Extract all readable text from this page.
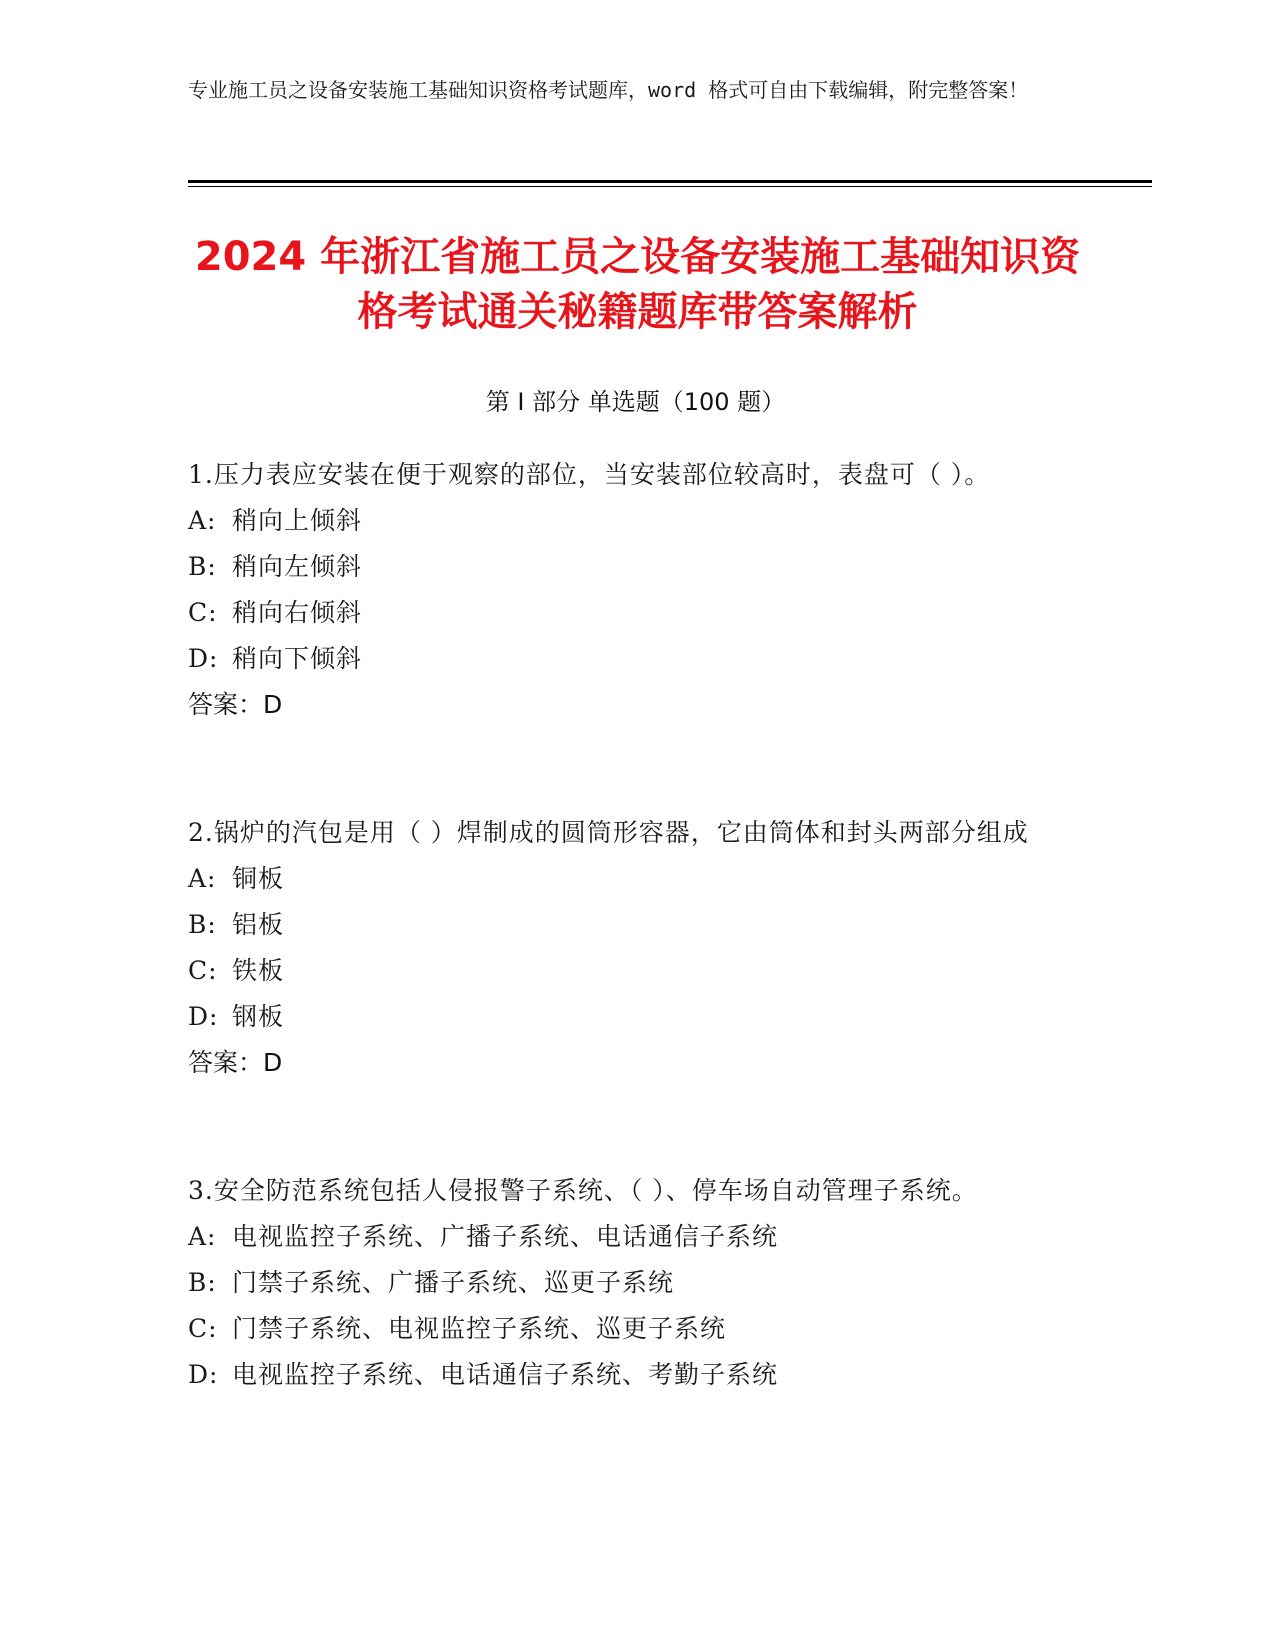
专业施工员之设备安装施工基础知识资格考试题库，word 格式可自由下载编辑，附完整答案！
2024 年浙江省施工员之设备安装施工基础知识资格考试通关秘籍题库带答案解析
第 I 部分 单选题（100 题）
1.压力表应安装在便于观察的部位，当安装部位较高时，表盘可（ ）。
A: 稍向上倾斜
B: 稍向左倾斜
C: 稍向右倾斜
D: 稍向下倾斜
答案：D
2.锅炉的汽包是用（ ）焊制成的圆筒形容器，它由筒体和封头两部分组成
A: 铜板
B: 铝板
C: 铁板
D: 钢板
答案：D
3.安全防范系统包括人侵报警子系统、（ ）、停车场自动管理子系统。
A: 电视监控子系统、广播子系统、电话通信子系统
B: 门禁子系统、广播子系统、巡更子系统
C: 门禁子系统、电视监控子系统、巡更子系统
D: 电视监控子系统、电话通信子系统、考勤子系统
